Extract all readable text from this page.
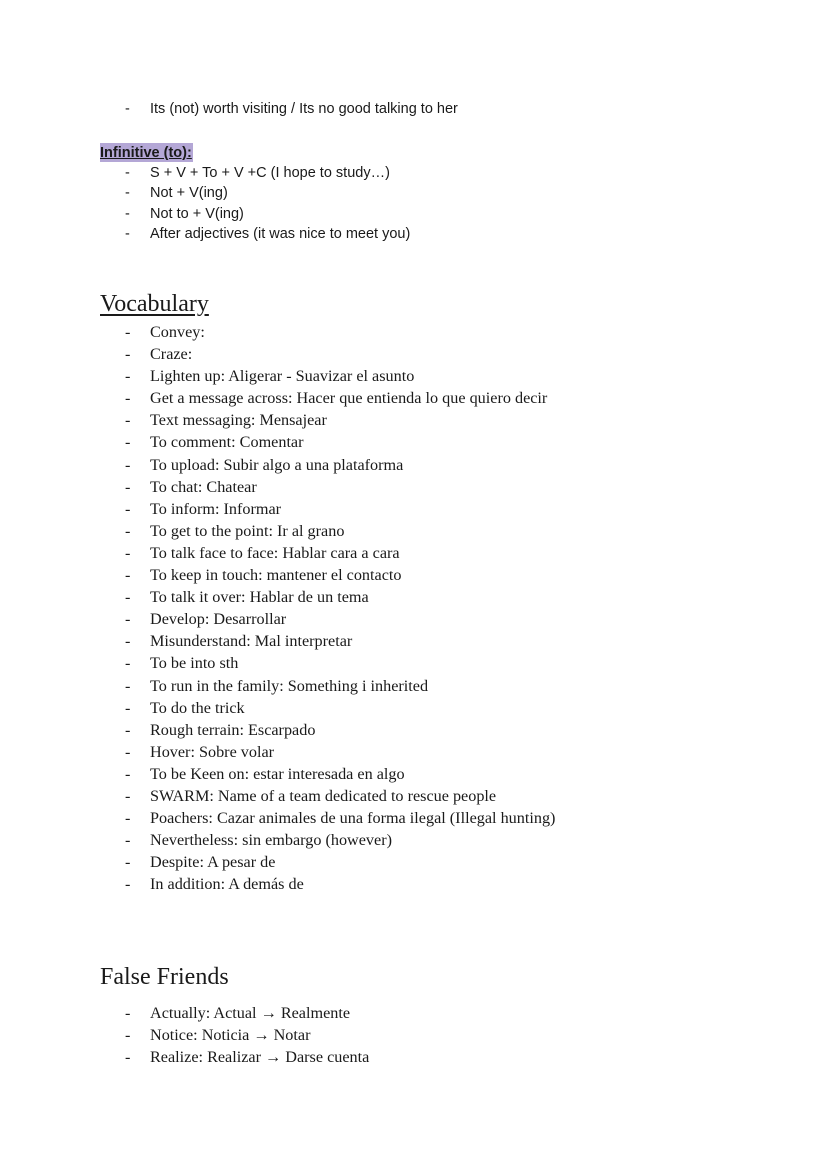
- Its (not) worth visiting / Its no good talking to her
Infinitive (to):
- S + V + To + V +C (I hope to study…)
- Not + V(ing)
- Not to + V(ing)
- After adjectives (it was nice to meet you)
Vocabulary
- Convey:
- Craze:
- Lighten up: Aligerar - Suavizar el asunto
- Get a message across: Hacer que entienda lo que quiero decir
- Text messaging: Mensajear
- To comment: Comentar
- To upload: Subir algo a una plataforma
- To chat: Chatear
- To inform: Informar
- To get to the point: Ir al grano
- To talk face to face: Hablar cara a cara
- To keep in touch: mantener el contacto
- To talk it over: Hablar de un tema
- Develop: Desarrollar
- Misunderstand: Mal interpretar
- To be into sth
- To run in the family: Something i inherited
- To do the trick
- Rough terrain: Escarpado
- Hover: Sobre volar
- To be Keen on: estar interesada en algo
- SWARM: Name of a team dedicated to rescue people
- Poachers: Cazar animales de una forma ilegal (Illegal hunting)
- Nevertheless: sin embargo (however)
- Despite: A pesar de
- In addition: A demás de
False Friends
- Actually: Actual → Realmente
- Notice: Noticia → Notar
- Realize: Realizar → Darse cuenta
